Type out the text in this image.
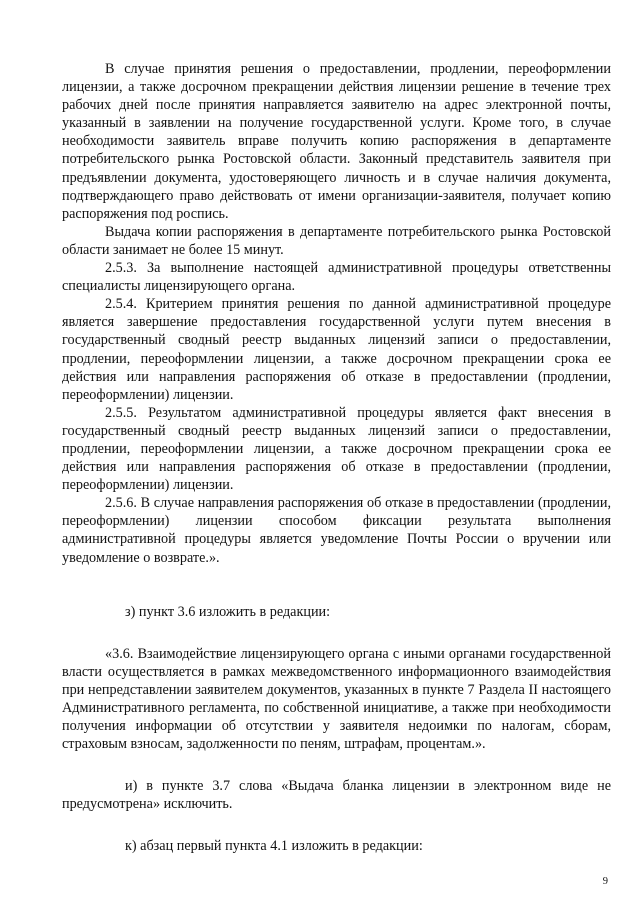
В случае принятия решения о предоставлении, продлении, переоформлении лицензии, а также досрочном прекращении действия лицензии решение в течение трех рабочих дней после принятия направляется заявителю на адрес электронной почты, указанный в заявлении на получение государственной услуги. Кроме того, в случае необходимости заявитель вправе получить копию распоряжения в департаменте потребительского рынка Ростовской области. Законный представитель заявителя при предъявлении документа, удостоверяющего личность и в случае наличия документа, подтверждающего право действовать от имени организации-заявителя, получает копию распоряжения под роспись.

Выдача копии распоряжения в департаменте потребительского рынка Ростовской области занимает не более 15 минут.

2.5.3. За выполнение настоящей административной процедуры ответственны специалисты лицензирующего органа.

2.5.4. Критерием принятия решения по данной административной процедуре является завершение предоставления государственной услуги путем внесения в государственный сводный реестр выданных лицензий записи о предоставлении, продлении, переоформлении лицензии, а также досрочном прекращении срока ее действия или направления распоряжения об отказе в предоставлении (продлении, переоформлении) лицензии.

2.5.5. Результатом административной процедуры является факт внесения в государственный сводный реестр выданных лицензий записи о предоставлении, продлении, переоформлении лицензии, а также досрочном прекращении срока ее действия или направления распоряжения об отказе в предоставлении (продлении, переоформлении) лицензии.

2.5.6. В случае направления распоряжения об отказе в предоставлении (продлении, переоформлении) лицензии способом фиксации результата выполнения административной процедуры является уведомление Почты России о вручении или уведомление о возврате.».

з) пункт 3.6 изложить в редакции:

«3.6. Взаимодействие лицензирующего органа с иными органами государственной власти осуществляется в рамках межведомственного информационного взаимодействия при непредставлении заявителем документов, указанных в пункте 7 Раздела II настоящего Административного регламента, по собственной инициативе, а также при необходимости получения информации об отсутствии у заявителя недоимки по налогам, сборам, страховым взносам, задолженности по пеням, штрафам, процентам.».

и) в пункте 3.7 слова «Выдача бланка лицензии в электронном виде не предусмотрена» исключить.

к) абзац первый пункта 4.1 изложить в редакции:

9
